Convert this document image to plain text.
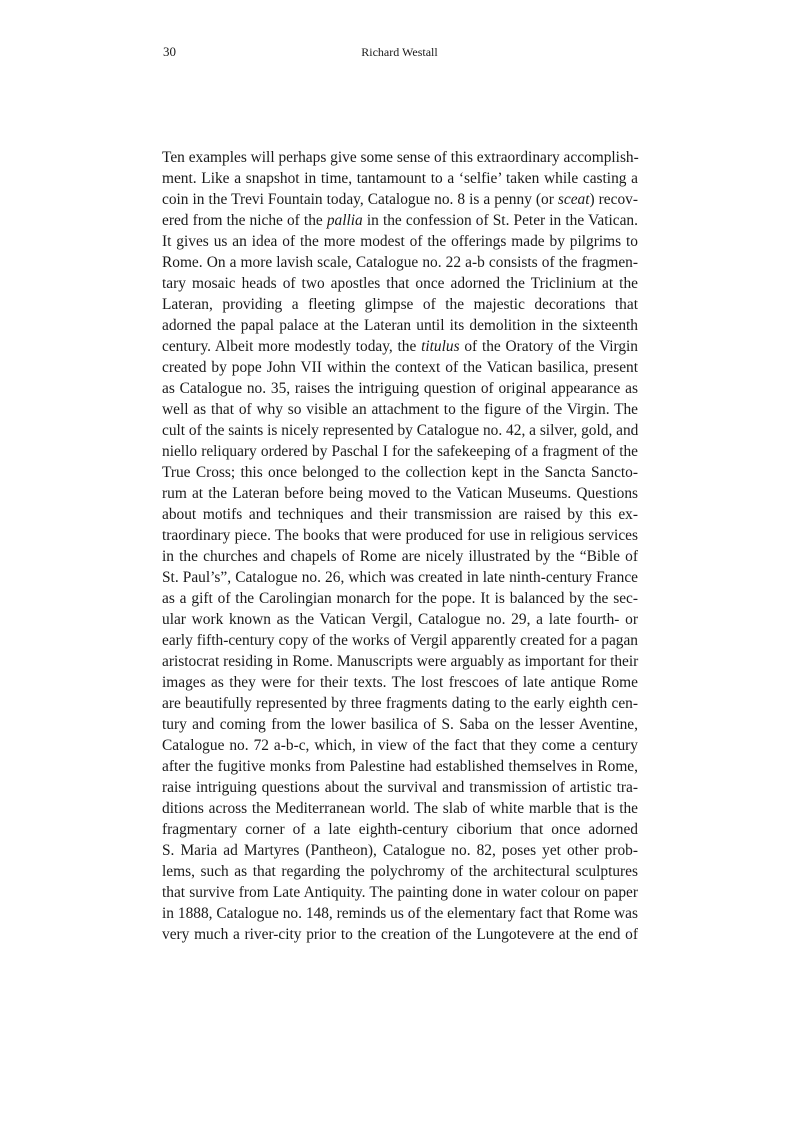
30	Richard Westall
Ten examples will perhaps give some sense of this extraordinary accomplish-
ment. Like a snapshot in time, tantamount to a ‘selfie’ taken while casting a
coin in the Trevi Fountain today, Catalogue no. 8 is a penny (or sceat) recov-
ered from the niche of the pallia in the confession of St. Peter in the Vatican.
It gives us an idea of the more modest of the offerings made by pilgrims to
Rome. On a more lavish scale, Catalogue no. 22 a-b consists of the fragmen-
tary mosaic heads of two apostles that once adorned the Triclinium at the
Lateran, providing a fleeting glimpse of the majestic decorations that
adorned the papal palace at the Lateran until its demolition in the sixteenth
century. Albeit more modestly today, the titulus of the Oratory of the Virgin
created by pope John VII within the context of the Vatican basilica, present
as Catalogue no. 35, raises the intriguing question of original appearance as
well as that of why so visible an attachment to the figure of the Virgin. The
cult of the saints is nicely represented by Catalogue no. 42, a silver, gold, and
niello reliquary ordered by Paschal I for the safekeeping of a fragment of the
True Cross; this once belonged to the collection kept in the Sancta Sancto-
rum at the Lateran before being moved to the Vatican Museums. Questions
about motifs and techniques and their transmission are raised by this ex-
traordinary piece. The books that were produced for use in religious services
in the churches and chapels of Rome are nicely illustrated by the “Bible of
St. Paul’s”, Catalogue no. 26, which was created in late ninth-century France
as a gift of the Carolingian monarch for the pope. It is balanced by the sec-
ular work known as the Vatican Vergil, Catalogue no. 29, a late fourth- or
early fifth-century copy of the works of Vergil apparently created for a pagan
aristocrat residing in Rome. Manuscripts were arguably as important for their
images as they were for their texts. The lost frescoes of late antique Rome
are beautifully represented by three fragments dating to the early eighth cen-
tury and coming from the lower basilica of S. Saba on the lesser Aventine,
Catalogue no. 72 a-b-c, which, in view of the fact that they come a century
after the fugitive monks from Palestine had established themselves in Rome,
raise intriguing questions about the survival and transmission of artistic tra-
ditions across the Mediterranean world. The slab of white marble that is the
fragmentary corner of a late eighth-century ciborium that once adorned
S. Maria ad Martyres (Pantheon), Catalogue no. 82, poses yet other prob-
lems, such as that regarding the polychromy of the architectural sculptures
that survive from Late Antiquity. The painting done in water colour on paper
in 1888, Catalogue no. 148, reminds us of the elementary fact that Rome was
very much a river-city prior to the creation of the Lungotevere at the end of
